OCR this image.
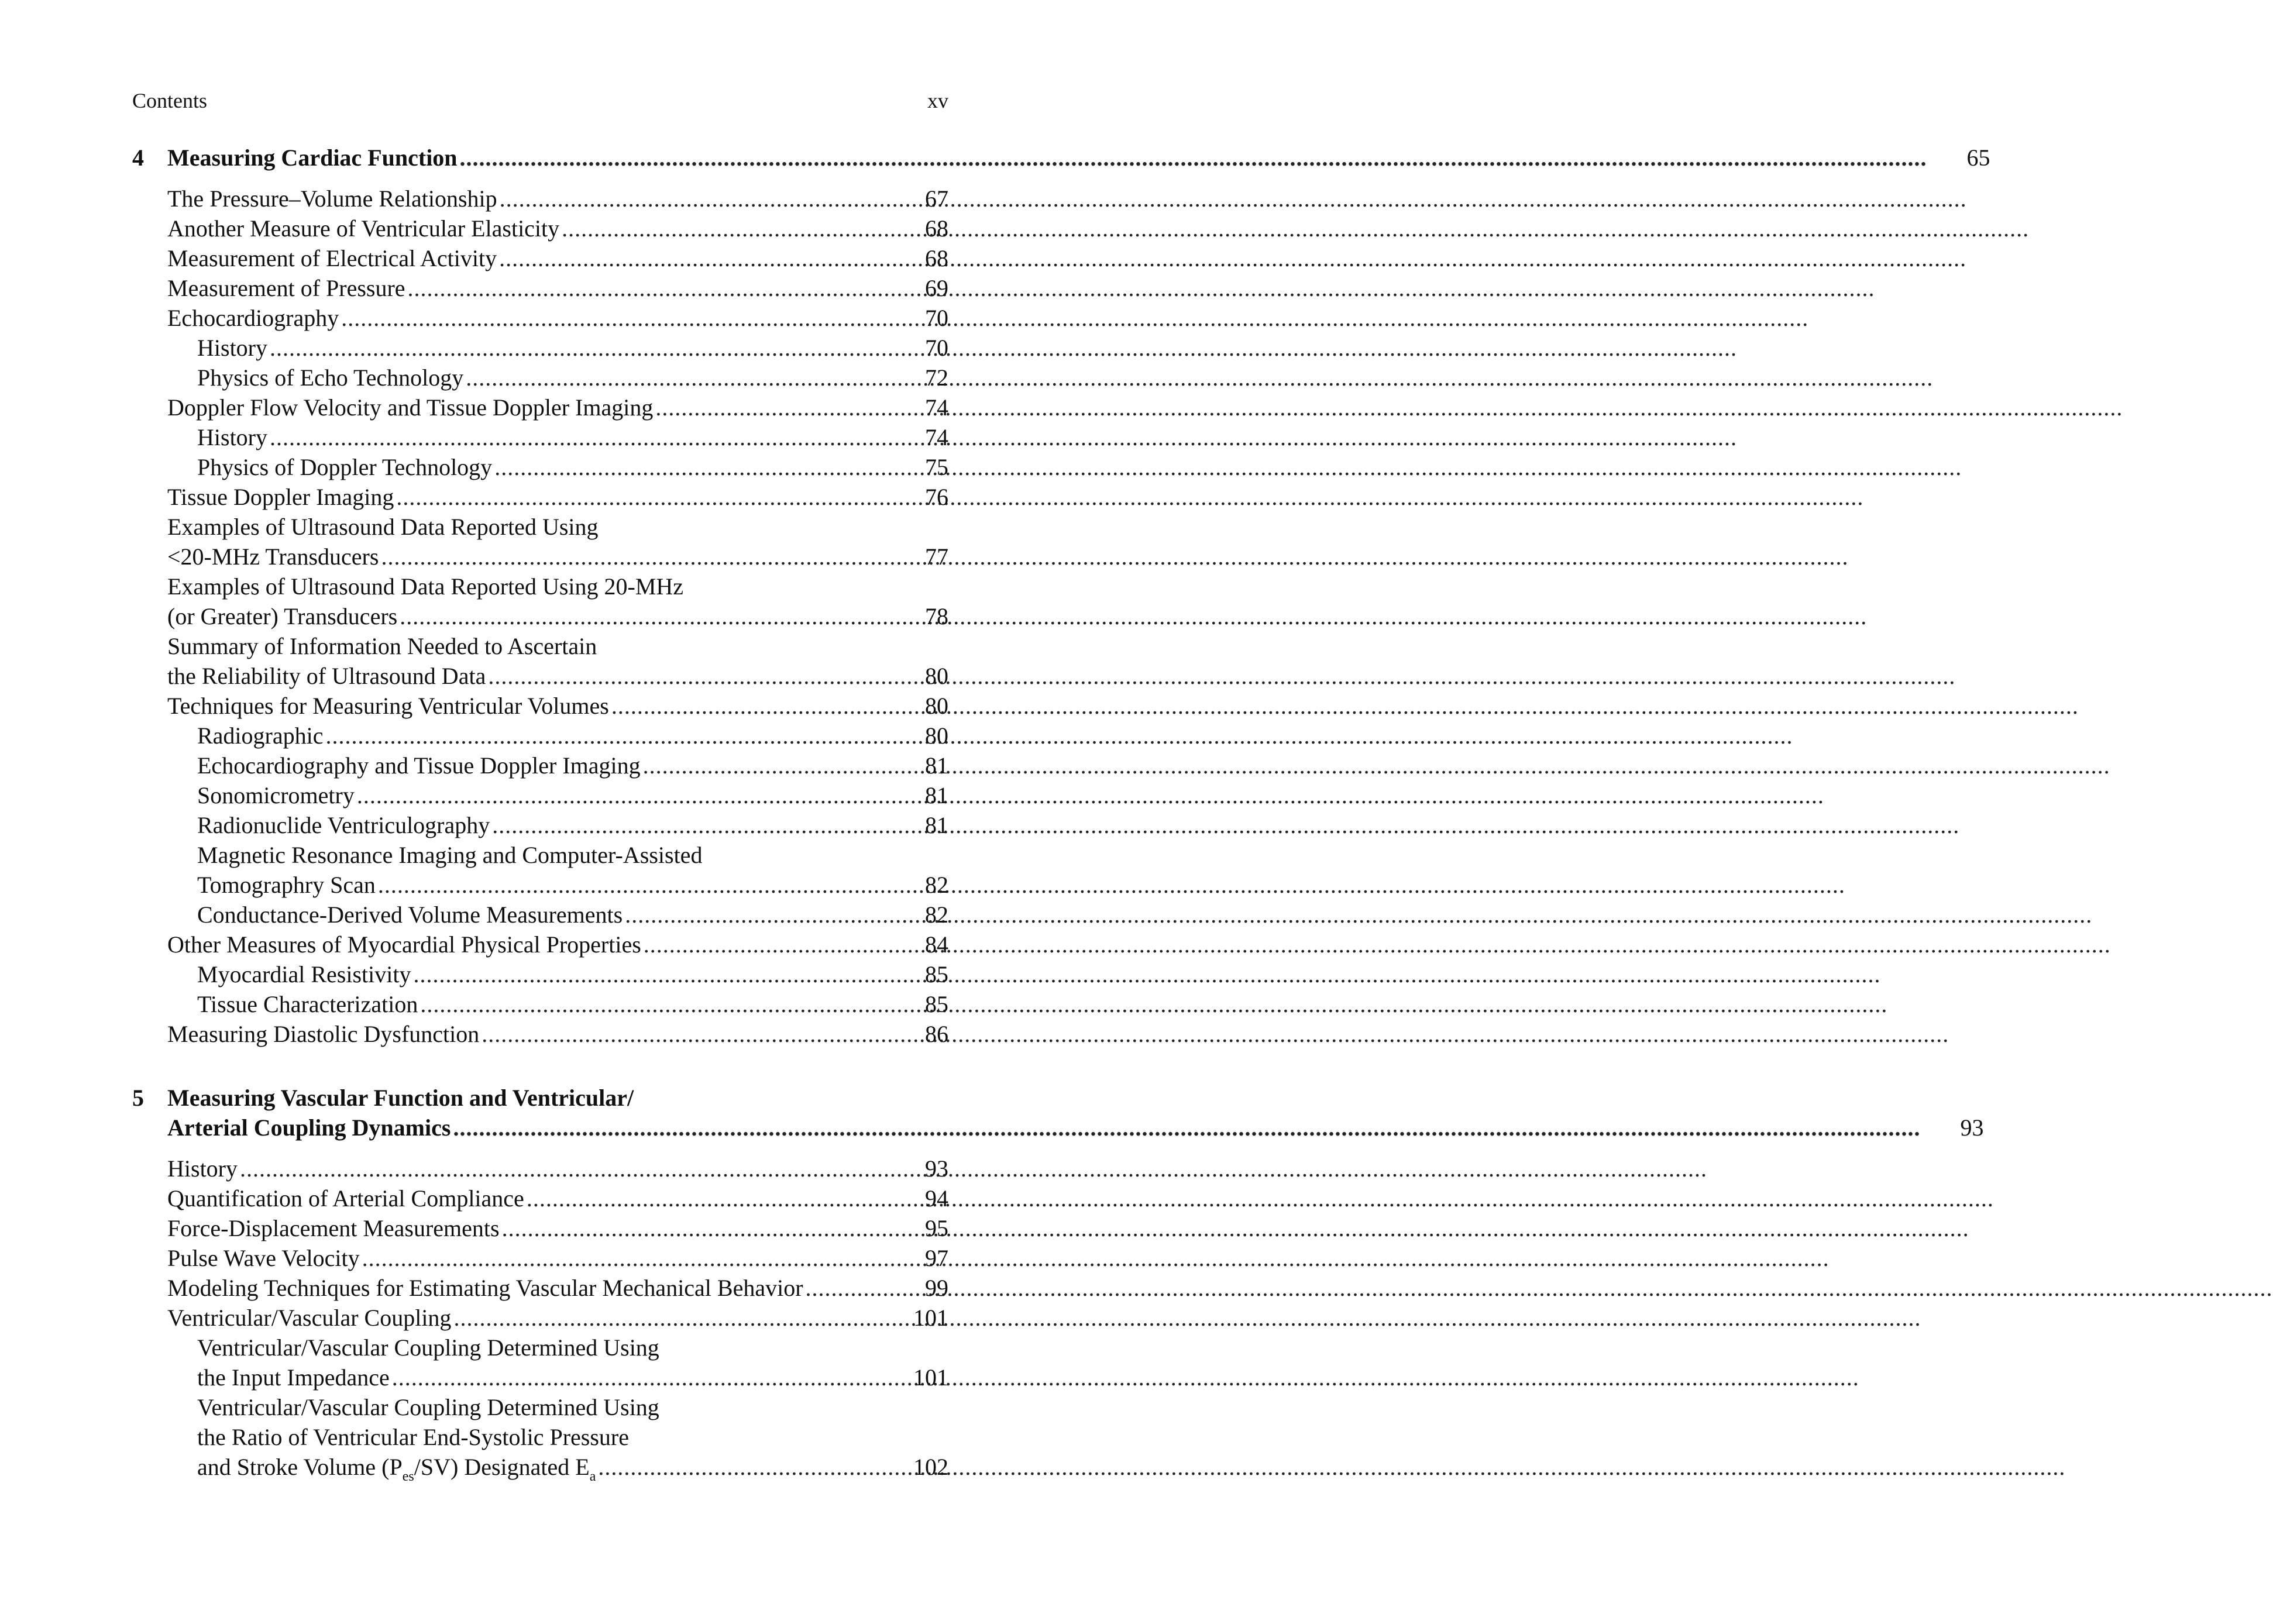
Contents	xv
4	Measuring Cardiac Function .....	65
The Pressure–Volume Relationship .....	67
Another Measure of Ventricular Elasticity .....	68
Measurement of Electrical Activity .....	68
Measurement of Pressure .....	69
Echocardiography .....	70
History .....	70
Physics of Echo Technology .....	72
Doppler Flow Velocity and Tissue Doppler Imaging .....	74
History .....	74
Physics of Doppler Technology .....	75
Tissue Doppler Imaging .....	76
Examples of Ultrasound Data Reported Using
<20-MHz Transducers .....	77
Examples of Ultrasound Data Reported Using 20-MHz
(or Greater) Transducers .....	78
Summary of Information Needed to Ascertain
the Reliability of Ultrasound Data .....	80
Techniques for Measuring Ventricular Volumes .....	80
Radiographic .....	80
Echocardiography and Tissue Doppler Imaging .....	81
Sonomicrometry .....	81
Radionuclide Ventriculography .....	81
Magnetic Resonance Imaging and Computer-Assisted
Tomographry Scan .....	82
Conductance-Derived Volume Measurements .....	82
Other Measures of Myocardial Physical Properties .....	84
Myocardial Resistivity .....	85
Tissue Characterization .....	85
Measuring Diastolic Dysfunction .....	86
5	Measuring Vascular Function and Ventricular/
Arterial Coupling Dynamics .....	93
History .....	93
Quantification of Arterial Compliance .....	94
Force-Displacement Measurements .....	95
Pulse Wave Velocity .....	97
Modeling Techniques for Estimating Vascular Mechanical Behavior .....	99
Ventricular/Vascular Coupling .....	101
Ventricular/Vascular Coupling Determined Using
the Input Impedance .....	101
Ventricular/Vascular Coupling Determined Using
the Ratio of Ventricular End-Systolic Pressure
and Stroke Volume $(P_{es}/SV)$ Designated $E_a$ .....	102
